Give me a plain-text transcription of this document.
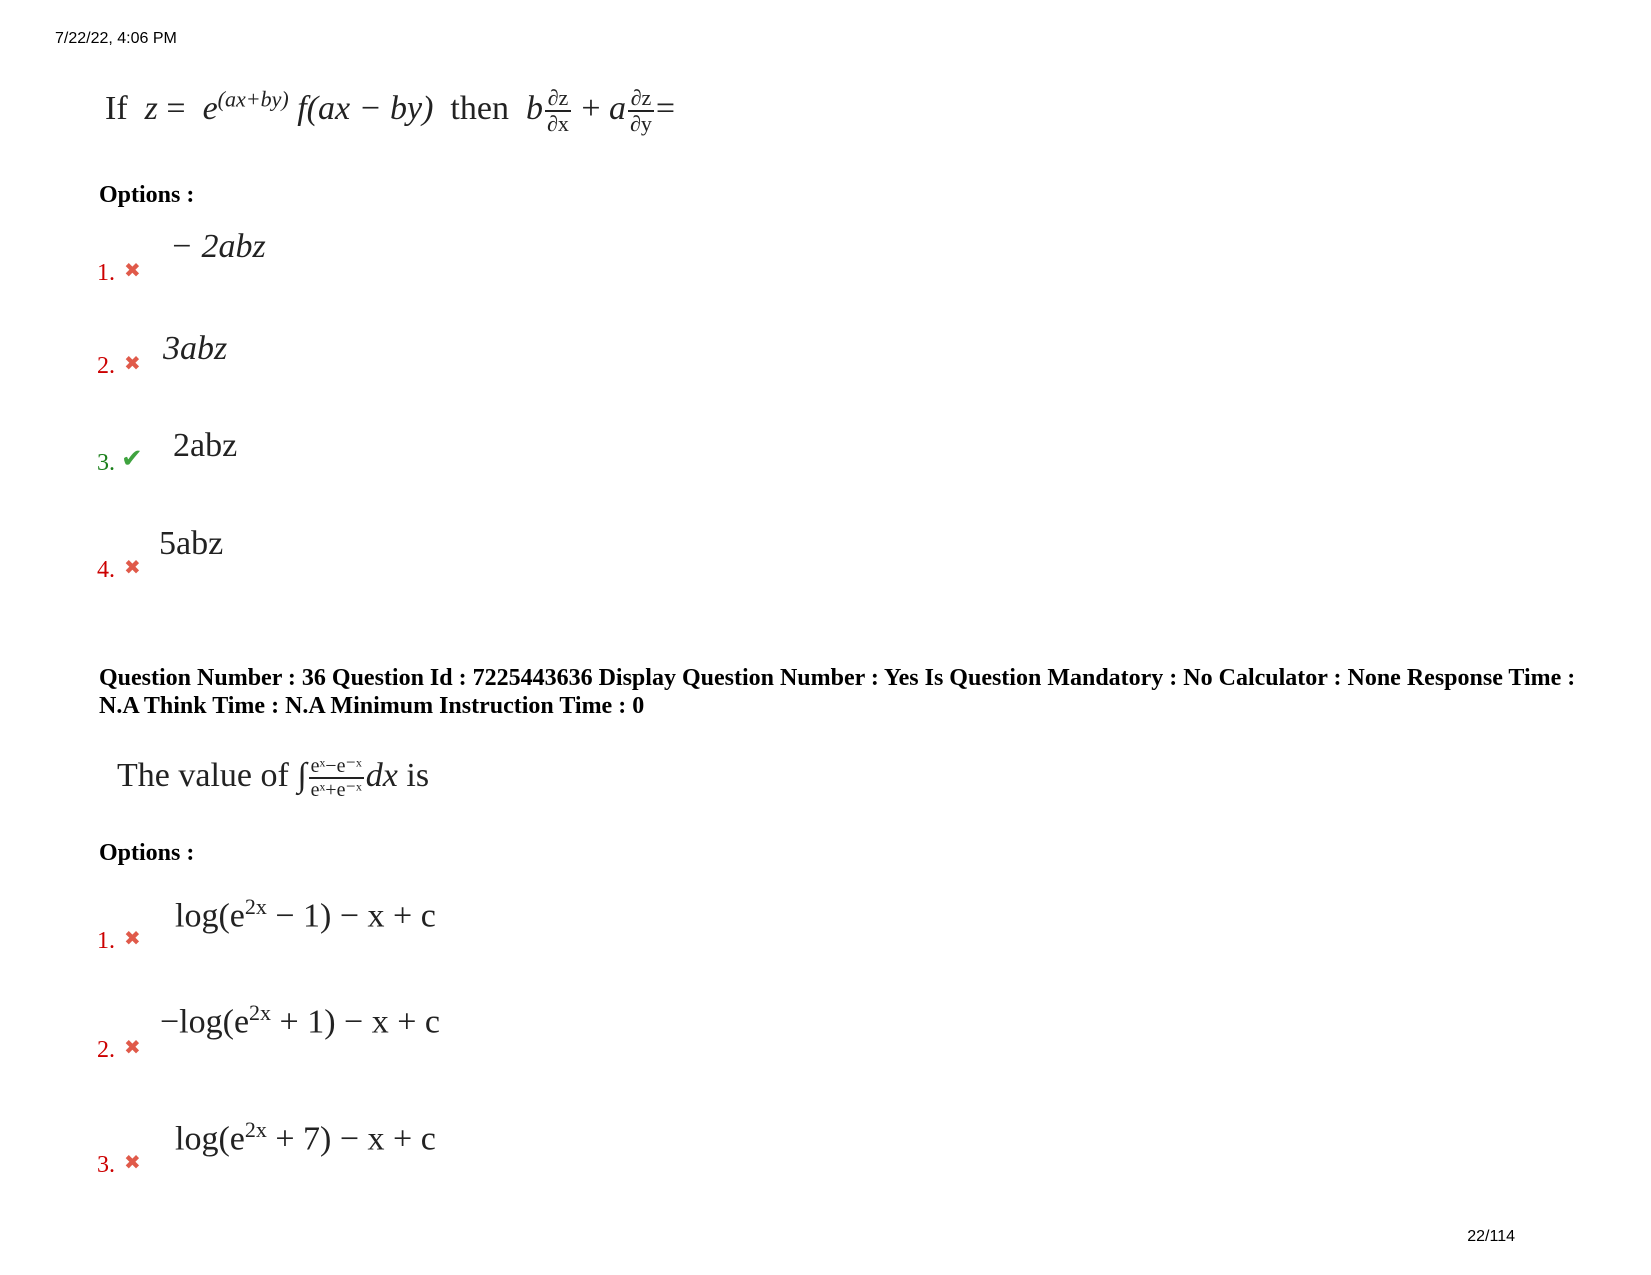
7/22/22, 4:06 PM
If $z = e^{(ax+by)}$ f(ax − by) then b $\frac{\partial z}{\partial x} + a \frac{\partial z}{\partial y}$ =
Options :
1. ✖
− 2abz
2. ✖ 3abz
3. ✔ 2abz
4. ✖
5abz
Question Number : 36 Question Id : 7225443636 Display Question Number : Yes Is Question Mandatory : No Calculator : None Response Time : N.A Think Time : N.A Minimum Instruction Time : 0
The value of ∫ $\frac{\text{eˣ−e⁻ˣ}}{\text{eˣ+e⁻ˣ}}$ dx is
Options :
1. ✖
$\log(e^{2x} - 1) - x + c$
2. ✖
$-\log(e^{2x} + 1) - x + c$
3. ✖
$\log(e^{2x} + 7) - x + c$
22/114
